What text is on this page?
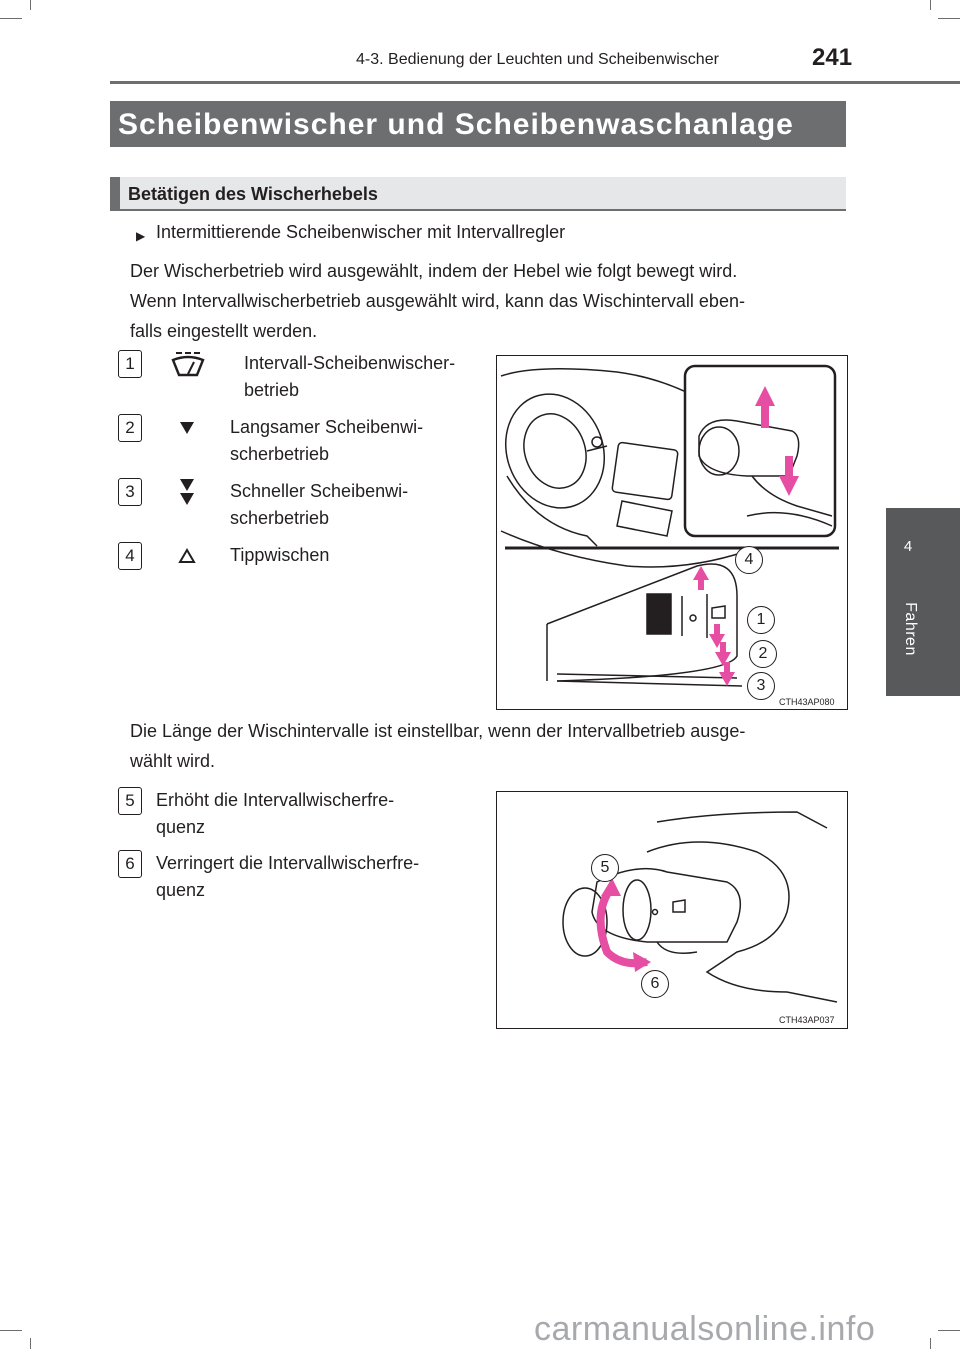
4-3. Bedienung der Leuchten und Scheibenwischer	241
4
Fahren
Scheibenwischer und Scheibenwaschanlage
Betätigen des Wischerhebels
▶ Intermittierende Scheibenwischer mit Intervallregler
Der Wischerbetrieb wird ausgewählt, indem der Hebel wie folgt bewegt wird.
Wenn Intervallwischerbetrieb ausgewählt wird, kann das Wischintervall eben-
falls eingestellt werden.
1	Intervall-Scheibenwischer-
betrieb
2	Langsamer Scheibenwi-
scherbetrieb
3	Schneller Scheibenwi-
scherbetrieb
4	Tippwischen	4
1
2
3
CTH43AP080
Die Länge der Wischintervalle ist einstellbar, wenn der Intervallbetrieb ausge-
wählt wird.
5	Erhöht die Intervallwischerfre-
quenz
6	Verringert die Intervallwischerfre-
quenz
5
6
CTH43AP037
carmanualsonline.info
